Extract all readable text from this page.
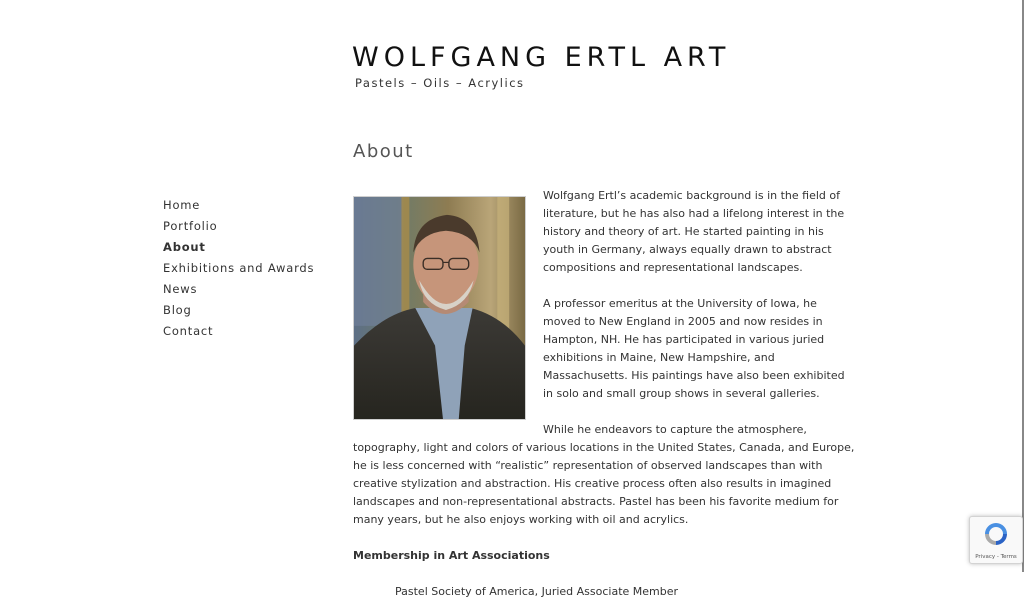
WOLFGANG ERTL ART
Pastels – Oils – Acrylics
About
Home
Portfolio
About
Exhibitions and Awards
News
Blog
Contact

Wolfgang Ertl’s academic background is in the field of literature, but he has also had a lifelong interest in the history and theory of art. He started painting in his youth in Germany, always equally drawn to abstract compositions and representational landscapes.

A professor emeritus at the University of Iowa, he moved to New England in 2005 and now resides in Hampton, NH. He has participated in various juried exhibitions in Maine, New Hampshire, and Massachusetts. His paintings have also been exhibited in solo and small group shows in several galleries.

While he endeavors to capture the atmosphere, topography, light and colors of various locations in the United States, Canada, and Europe, he is less concerned with “realistic” representation of observed landscapes than with creative stylization and abstraction. His creative process often also results in imagined landscapes and non-representational abstracts. Pastel has been his favorite medium for many years, but he also enjoys working with oil and acrylics.

Membership in Art Associations
Pastel Society of America, Juried Associate Member
Privacy - Terms
